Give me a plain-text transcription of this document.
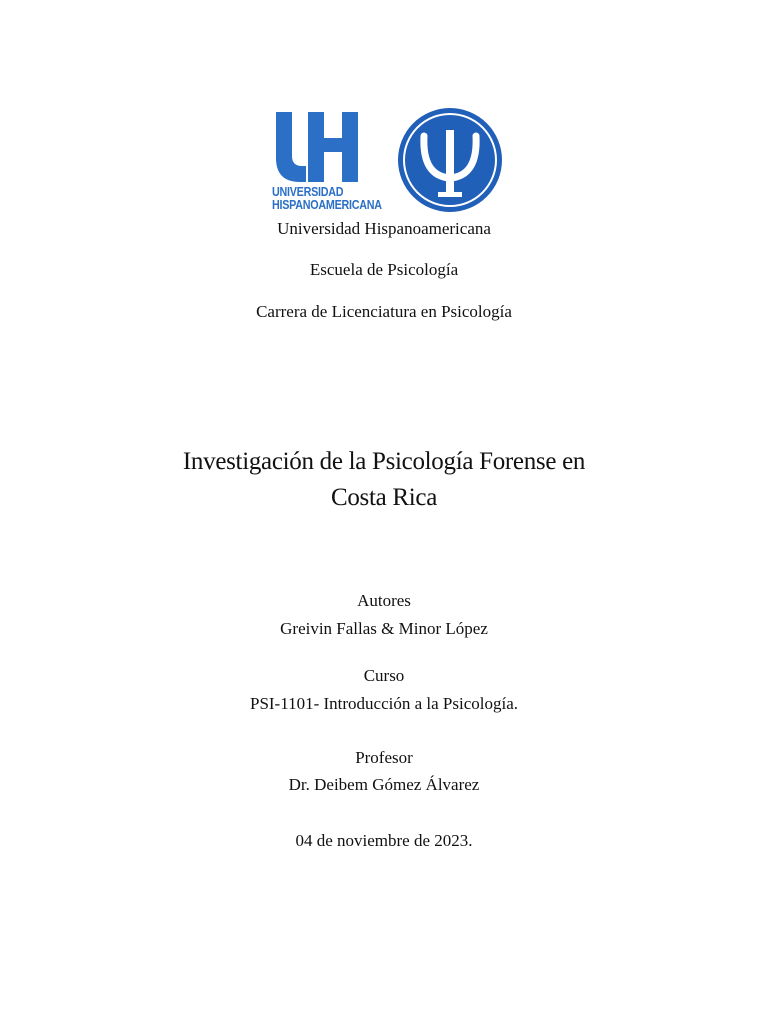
UNIVERSIDAD
HISPANOAMERICANA
Universidad Hispanoamericana
Escuela de Psicología
Carrera de Licenciatura en Psicología
Investigación de la Psicología Forense en
Costa Rica
Autores
Greivin Fallas & Minor López
Curso
PSI-1101- Introducción a la Psicología.
Profesor
Dr. Deibem Gómez Álvarez
04 de noviembre de 2023.
